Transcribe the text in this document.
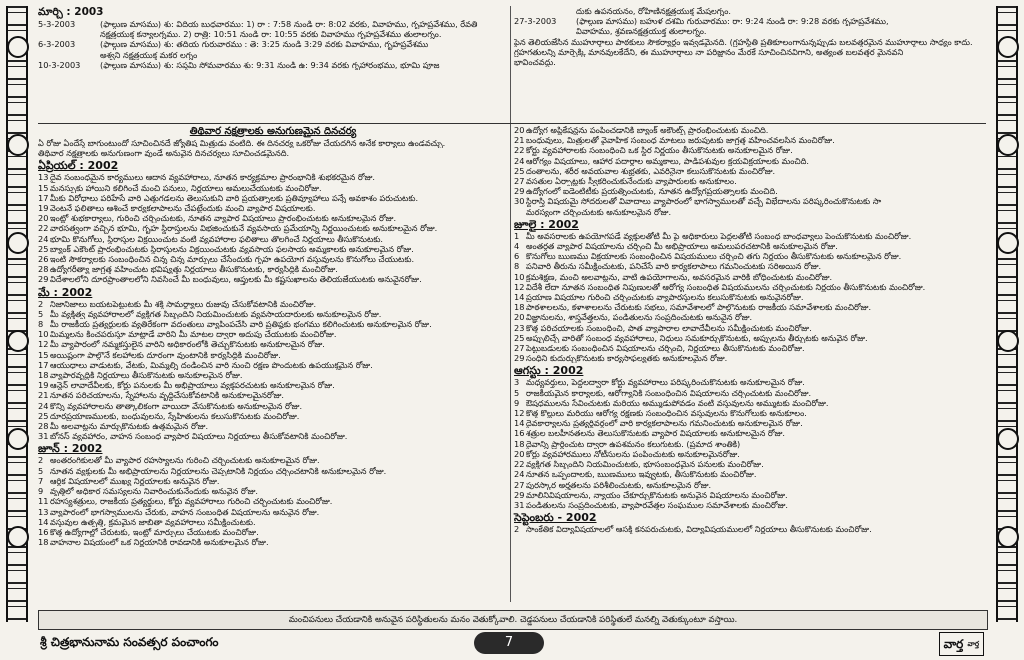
మార్చి : 2003
5-3-2003	(ఫాల్గుణ మాసము) శు: విదియ బుధవారము: 1) రా : 7:58 నుండి రా: 8:02 వరకు, వివాహము, గృహప్రవేశము, రేవతి
నక్షత్రయుక్త కన్యాలగ్నము. 2) రాత్రి: 10:51 నుండి రా: 10:55 వరకు వివాహము గృహప్రవేశము తులాలగ్నం.
6-3-2003	(ఫాల్గుణ మాసము) శు: తదియ గురువారము : తె: 3:25 నుండి 3:29 వరకు వివాహము, గృహప్రవేశము
అశ్వని నక్షత్రయుక్త మకర లగ్నం
10-3-2003	(ఫాల్గుణ మాసము) శు: సప్తమి సోమవారము శు: 9:31 నుండి ఉ: 9:34 వరకు గృహారంభము, భూమి పూజ
దుకు ఉపనయనం, రోహిణినక్షత్రయుక్త మేషలగ్నం.
27-3-2003	(ఫాల్గుణ మాసము) బహుళ దశమి గురువారము: రా: 9:24 నుండి రా: 9:28 వరకు గృహప్రవేశము,
వివాహము, శ్రవణనక్షత్రయుక్త తులాలగ్నం.
పైన తెలియజేసిన ముహూర్తాలు పాఠకులు సౌకర్యార్థం ఇవ్వడమైనది. (గ్రహస్థితి ప్రతికూలంగానున్నప్పుడు బలవత్తరమైన ముహూర్తాలు సాధ్యం కాదు.
గ్రహగతులన్ని మార్పెక్కి మానవులకేదేని, ఈ ముహూర్తాలు నా పరిజ్ఞానం మేరకే సూచించినవిగాని, అత్యంత బలవత్తర మైనవని
భావించవద్దు.
తిథివార నక్షత్రాలకు అనుగుణమైన దినచర్య
ఏ రోజు ఏందేస్తే బాగుంటుందో సూచించినదే జ్యోతిష మిత్రుడు వంటిది. ఈ దినచర్య ఒకరోజు చేయదగిన అనేక కార్యాలు ఉండవచ్చు.
తిథివార నక్షత్రాలకు అనుగుణంగా వుండే అనువైన దినచర్యలు సూచించడమైనది.
ఏప్రియల్ : 2002
13 దైవ సంబంధమైన కార్యములు ఆదాన వ్యవహారాలు, నూతన కార్యక్రమాల ప్రారంభానికి శుభకరమైన రోజు.
15 మనస్సుకు హాయిని కలిగించే మంచి పనులు, నిర్ణయాలు అమలుచేయుటకు మంచిరోజు.
17 మీకు విరోధాలు పరిహేసే వారి ఎత్తుగడలను తెలుసుకుని వారి ప్రయత్నాలకు ప్రతివ్యూహాలు పన్నే అవకాశం పరుచుటకు.
19 వెంటనే ఫలితాలు ఆశించే కార్యకలాపాలను చేపట్టేందుకు మంచి వ్యాపార విషయాలకు.
20 ఇంట్లో శుభకార్యాలు, గురించి చర్చించుటకు, నూతన వ్యాపార విషయాలు ప్రారంభించుటకు అనుకూలమైన రోజు.
22 వారసత్వంగా వచ్చిన భూమి, గృహ స్థిరాస్తులను విభజించుకునే వ్యవసాయ ప్రమేయాన్ని నిర్ణయించుటకు అనుకూలమైన రోజు.
24 భూమి కొనుగోలు, స్థిరాస్తుల విక్రయించుట వంటి వ్యవహారాల ఫలితాలు తొలగించే నిర్ణయాలు తీసుకొనుటకు.
25 బ్యాంక్ ఎకౌంట్ ప్రారంభించుటకు స్థిరాస్తులను విక్రయించుటకు వ్యవసాయ ఫలసాయ అమ్మకాలకు అనుకూలమైన రోజు.
26 ఇంటి సౌకర్యాలకు సంబంధించిన చిన్న చిన్న మార్పులు చేసేందుకు గృహ ఉపయోగ వస్తువులను కొనుగోలు చేయుటకు.
28 ఉద్యోగరీత్యా జాగ్రత్త వహించుట భవిష్యత్తు నిర్ణయాలు తీసుకొనుటకు, కార్యసిద్ధికి మంచిరోజు.
29 విదేశాలలోని దూరప్రాంతాలలోని నివసించే మీ బంధువులు, ఆప్తులకు మీ కష్టసుఖాలను తెలియజేయుటకు అనువైనరోజు.
మే : 2002
2 నిజానిజాలు బయటపెట్టుటకు మీ శక్తి సామర్థ్యాలు రుజువు చేసుకోవటానికి మంచిరోజు.
5 మీ వ్యక్తిత్వ వ్యవహారాలలో వ్యక్తిగత సిబ్బందిని నియమించుటకు వ్యవసాయదారులకు అనుకూలమైన రోజు.
8 మీ రాజకీయ ప్రత్యర్థులకు వ్యతిరేకంగా వదంతులు వ్యాపింపచేసి వారి ప్రతిష్ఠకు భంగము కలిగించుటకు అనుకూలమైన రోజు.
10 మిమ్మలను కించపరుస్తూ మాట్లాడే వారిని మీ మాటల ద్వారా అదుపు చేయుటకు మంచిరోజు.
12 మీ వ్యాపారంలో నమ్మకస్తులైన వారిని అధికారంలోకి తెచ్చుకొనుటకు అనుకూలమైన రోజు.
15 అయిష్టంగా పాల్గొనే కలహాలకు దూరంగా వుంటానికి కార్యసిద్ధికి మంచిరోజు.
17 ఆయుధాలు వాడుటకు, వేటకు, మిమ్మల్ని దండించిన వారి నుంచి రక్షణ పొందుటకు ఉపయుక్తమైన రోజు.
18 వ్యాపారవృద్ధికి నిర్ణయాలు తీసుకొనుటకు అనుకూలమైన రోజు.
19 ఆన్లైన్ లావాదేవీలకు, కోర్టు పనులకు మీ అభిప్రాయాలు వ్యక్తపరచుటకు అనుకూలమైన రోజు.
21 నూతన పరిచయాలను, స్నేహాలను వృద్ధిచేసుకోవటానికి అనుకూలమైనరోజు.
24 కొన్ని వ్యవహారాలను తాత్కాలికంగా వాయిదా వేసుకొనుటకు అనుకూలమైన రోజు.
25 దూరప్రయాణములకు, బంధువులను, స్నేహితులను కలుసుకొనుటకు మంచిరోజు.
28 మీ అలవాట్లను మార్చుకొనుటకు ఉత్తమమైన రోజు.
31 బోనస్ వ్యవహారం, వాహన సంబంధ వ్యాపార విషయాలు నిర్ణయాలు తీసుకోవటానికి మంచిరోజు.
జూన్ : 2002
2 అంతరంగికులతో మీ వ్యాపార రహస్యాలను గురించి చర్చించుటకు అనుకూలమైన రోజు.
5 నూతన వ్యక్తులకు మీ అభిప్రాయాలను నిర్ణయాలను చెప్పటానికి నిర్ణయం చర్చించటానికి అనుకూలమైన రోజు.
7 ఆర్థిక విషయాలలో ముఖ్య నిర్ణయాలకు అనువైన రోజు.
9 వృత్తిలో అధికార సమస్యలను నివారించుకునేందుకు అనువైన రోజు.
11 రహస్యశత్రులు, రాజకీయ ప్రత్యర్థులు, కోర్టు వ్యవహారాలు గురించి చర్చించుటకు మంచిరోజు.
13 వ్యాపారంలో భాగస్వాములను చేరుకు, వాహన సంబంధిత విషయాలను అనువైన రోజు.
14 వస్తువుల ఉత్పత్తి, క్రమమైన జాబితా వ్యవహారాలు సమీక్షించుటకు.
16 కొత్త ఉద్యోగాల్లో చేరుటకు, ఇంట్లో మార్పులు చేయుటకు మంచిరోజు.
18 వాహనాల విషయంలో ఒక నిర్ణయానికి రావడానికి అనుకూలమైన రోజు.
20 ఉద్యోగ అప్లికేషన్లను పంపించడానికి బ్యాంక్ అకౌంట్స్ ప్రారంభించుటకు మంచిది.
21 బంధువులు, మిత్రులతో వైవాహిక సంబంధ మాటలు జరుపుటకు జాగ్రత్త వహించవలసిన మంచిరోజు.
22 కోర్టు వ్యవహారాలకు సంబంధించి ఒక స్థిర నిర్ణయం తీసుకొనుటకు అనుకూలమైన రోజు.
24 ఆరోగ్యం విషయాలు, ఆహార పదార్థాల అమ్మకాలు, పాడిపశువుల క్రయవిక్రయాలకు మంచిది.
25 దంతాలను, శరీర అవయవాల శుభ్రతకు, ఎవరినైనా కలుసుకొనుటకు మంచిరోజు.
27 వసతుల ఏర్పాట్లకు స్వీకరించుకునేందుకు వ్యాపారులకు అనుకూలం.
29 ఉద్యోగంలో ఐడెంటిటీకు ప్రయత్నించుటకు, నూతన ఉద్యోగప్రయత్నాలకు మంచిది.
30 స్థిరాస్తి విషయమై సోదరులతో వివాదాలు వ్యాపారంలో భాగస్వాములతో వచ్చే విభేదాలను పరిష్కరించుకొనుటకు సా
మరస్యంగా చర్చించుటకు అనుకూలమైన రోజు.
జూలై : 2002
1 మీ అవసరాలకు ఉపయోగపడే వ్యక్తులతోటి మీ పై అధికారులు పెద్దలతోటి సంబంధ బాంధవ్యాలు పెంచుకొనుటకు మంచిరోజు.
4 అంతర్గత వ్యాపార విషయాలను చర్చించి మీ అభిప్రాయాలు అమలుపరచటానికి అనుకూలమైన రోజు.
6 కొనుగోలు ఋణము విక్రయాలకు సంబంధించిన విషయములు చర్చించి తగు నిర్ణయం తీసుకొనుటకు అనుకూలమైన రోజు.
8 పనివారి తీరును సమీక్షించుటకు, పనిచేసే వారి కార్యకలాపాలు గమనించుటకు సరిఅయిన రోజు.
10 క్రమశిక్షణ, మంచి అలవాట్లను, వాటి ఉపయోగాలను, అవసరమైన వారికి బోధించుటకు మంచిరోజు.
12 విదేశీ లేదా నూతన సంబంధిత నిపుణులతో ఆరోగ్య సంబంధిత విషయములను చర్చించుటకు నిర్ణయం తీసుకొనుటకు మంచిరోజు.
14 ప్రయాణ విషయాల గురించి చర్చించుటకు వ్యాపారస్తులను కలుసుకొనుటకు అనువైనరోజు.
18 పాఠశాలలను, కళాశాలలను చేరుటకు సభలు, సమావేశాలలో పాల్గొనుటకు రాజకీయ సమావేశాలకు మంచిరోజు.
20 విజ్ఞానులను, శాస్త్రవేత్తలను, పండితులను సంప్రదించుటకు అనువైన రోజు.
23 కొత్త పరిచయాలకు సంబంధించి, పాత వ్యాపారాల లావాదేవీలను సమీక్షించుటకు మంచిరోజు.
25 అప్పులిచ్చే వారితో సంబంధ వ్యవహారాలు, నిధులు సమకూర్చుకొనుటకు, అప్పులను తీర్చుటకు అనువైన రోజు.
27 పెట్టుబడులకు సంబంధించిన విషయాలను చర్చించి, నిర్ణయాలు తీసుకొనుటకు మంచిరోజు.
29 సంధిని కుదుర్చుకొనుటకు కార్యసాఫల్యతకు అనుకూలమైన రోజు.
ఆగస్టు : 2002
3 మధ్యవర్తులు, పెద్దలద్వారా కోర్టు వ్యవహారాలు పరిష్కరించుకొనుటకు అనుకూలమైన రోజు.
5 రాజకీయమైన కార్యాలకు, ఆరోగ్యానికి సంబంధించిన విషయాలను చర్చించుటకు మంచిరోజు.
9 ఔషధములను సేవించుటకు మరియు అమ్ముడుపోవడం వంటి వస్తువులను అమ్ముటకు మంచిరోజు.
12 కొత్త కొల్లులు మరియు ఆరోగ్య రక్షణకు సంబంధించిన వస్తువులను కొనుగోలుకు అనుకూలం.
14 దైవకార్యాలను ప్రత్యర్థివర్గంలో వారి కార్యకలాపాలను గమనించుటకు అనుకూలమైన రోజు.
16 శత్రుల బలహీనతలను తెలుసుకొనుటకు వ్యాపార విషయాలకు అనుకూలమైన రోజు.
18 దైవాన్ని ప్రార్థించుట ద్వారా ఉపశమనం కలుగుటకు. (ప్రమాద శాంతికి)
20 కోర్టు వ్యవహారములు నోటీసులను పంపించుటకు అనుకూలమైనరోజు.
22 వ్యక్తిగత సిబ్బందిని నియమించుటకు, భూసంబంధమైన పనులకు మంచిరోజు.
24 నూతన ఒప్పందాలకు, ఋణములు ఇవ్వుటకు, తీసుకొనుటకు మంచిరోజు.
27 పురస్కార అర్హతలను పరిశీలించుటకు, అనుకూలమైన రోజు.
29 మాలినివిషయాలను, న్యాయం చేకూర్చుకొనుటకు అనువైన విషయాలను మంచిరోజు.
31 పండితులను సంప్రదించుటకు, వ్యాపారవేత్తల సంఘముల సమావేశాలకు మంచిరోజు.
సెప్టెంబరు - 2002
2 సాంకేతిక విద్యావిషయాలలో ఆసక్తి కనపరుచుటకు, విద్యావిషయములలో నిర్ణయాలు తీసుకొనుటకు మంచిరోజు.
మంచిపనులు చేయడానికి అనువైన పరిస్థితులను మనం వెతుక్కోవాలి. చెడ్డపనులు చేయడానికి పరిస్థితులే మనల్ని వెతుక్కుంటూ వస్తాయి.
శ్రీ చిత్రభానునామ సంవత్సర పంచాంగం	7	వార్త $^{వార్త}$
